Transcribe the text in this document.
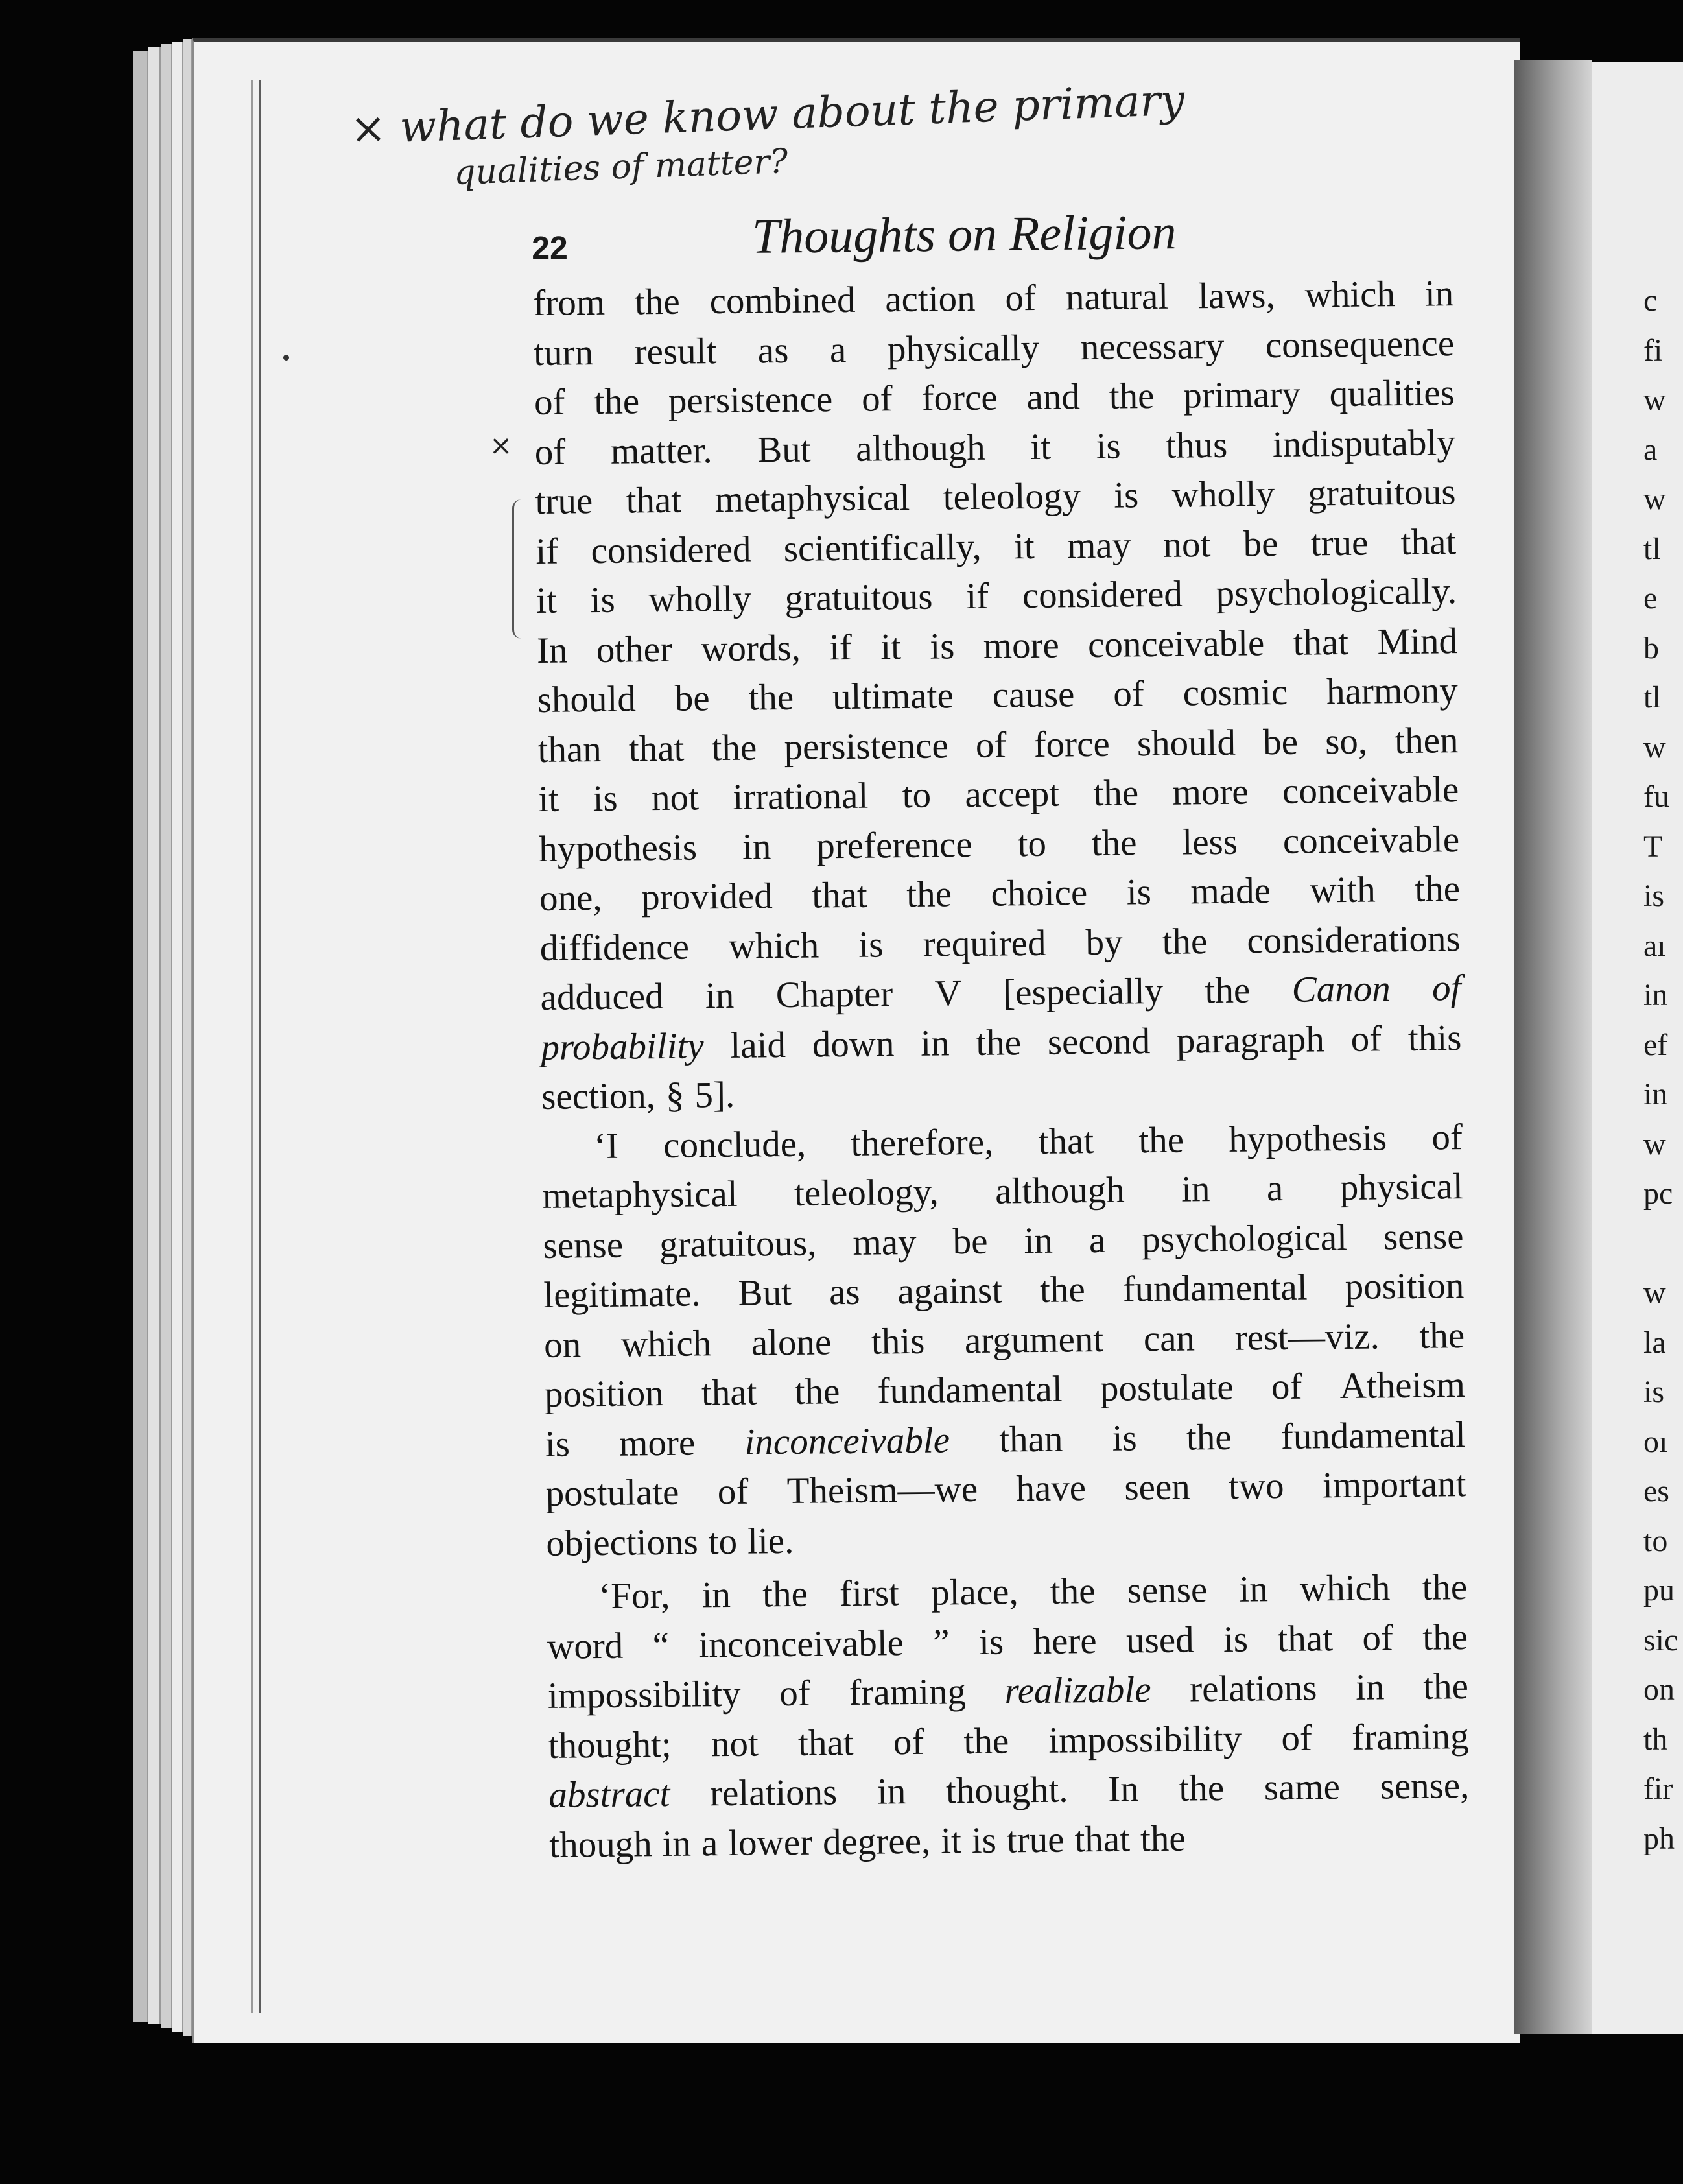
c
fi
w
a
w
tl
e
b
tl
w
fu
T
is
aı
in
ef
in
w
pc
w
la
is
oı
es
to
pu
sic
on
th
fir
ph
× what do we know about the primary
qualities of matter?
×
22	Thoughts on Religion
from the combined action of natural laws, which in
turn result as a physically necessary consequence
of the persistence of force and the primary qualities
of matter. But although it is thus indisputably
true that metaphysical teleology is wholly gratuitous
if considered scientifically, it may not be true that
it is wholly gratuitous if considered psychologically.
In other words, if it is more conceivable that Mind
should be the ultimate cause of cosmic harmony
than that the persistence of force should be so, then
it is not irrational to accept the more conceivable
hypothesis in preference to the less conceivable
one, provided that the choice is made with the
diffidence which is required by the considerations
adduced in Chapter V [especially the Canon of
probability laid down in the second paragraph of this
section, § 5].
‘I conclude, therefore, that the hypothesis of
metaphysical teleology, although in a physical
sense gratuitous, may be in a psychological sense
legitimate. But as against the fundamental position
on which alone this argument can rest—viz. the
position that the fundamental postulate of Atheism
is more inconceivable than is the fundamental
postulate of Theism—we have seen two important
objections to lie.
‘For, in the first place, the sense in which the
word “ inconceivable ” is here used is that of the
impossibility of framing realizable relations in the
thought; not that of the impossibility of framing
abstract relations in thought. In the same sense,
though in a lower degree, it is true that the
